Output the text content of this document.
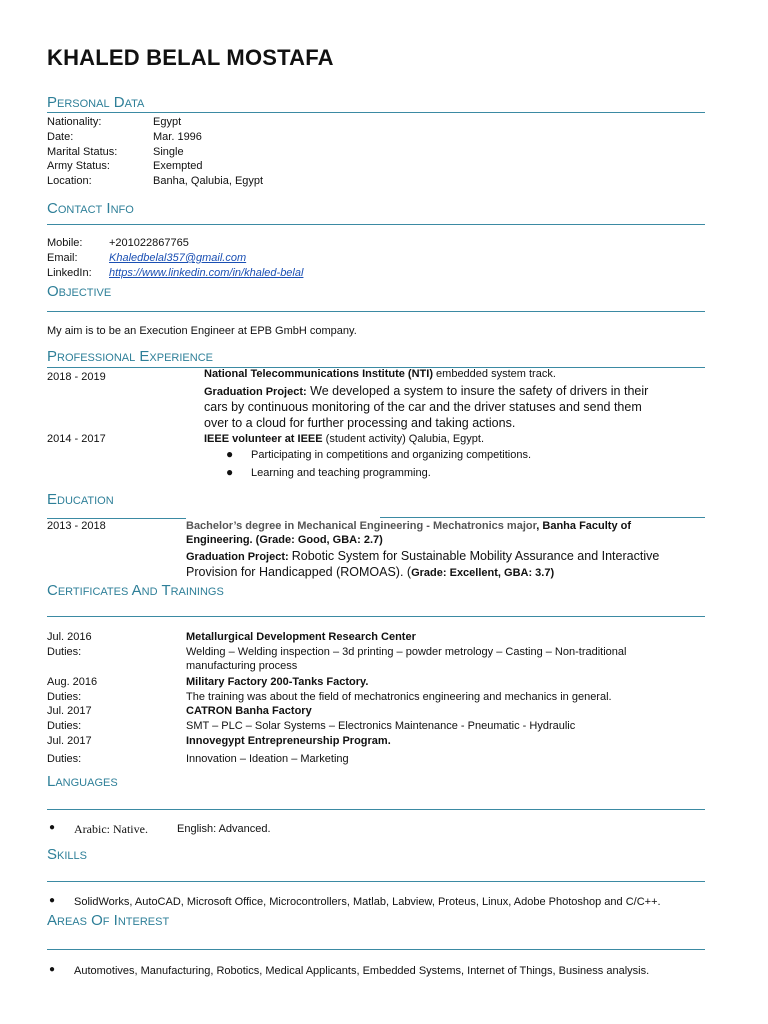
KHALED BELAL MOSTAFA
Personal Data
Nationality:	Egypt
Date:	Mar. 1996
Marital Status:	Single
Army Status:	Exempted
Location:	Banha, Qalubia, Egypt
Contact Info
Mobile: +201022867765
Email:	Khaledbelal357@gmail.com
LinkedIn: https://www.linkedin.com/in/khaled-belal
Objective
My aim is to be an Execution Engineer at EPB GmbH company.
Professional Experience
2018 - 2019	National Telecommunications Institute (NTI) embedded system track.
Graduation Project: We developed a system to insure the safety of drivers in their
cars by continuous monitoring of the car and the driver statuses and send them
over to a cloud for further processing and taking actions.
2014 - 2017	IEEE volunteer at IEEE (student activity) Qalubia, Egypt.
● Participating in competitions and organizing competitions.
● Learning and teaching programming.
Education
2013 - 2018	Bachelor’s degree in Mechanical Engineering - Mechatronics major, Banha Faculty of
Engineering. (Grade: Good, GBA: 2.7)
Graduation Project: Robotic System for Sustainable Mobility Assurance and Interactive
Provision for Handicapped (ROMOAS). (Grade: Excellent, GBA: 3.7)
Certificates And Trainings
Jul. 2016	Metallurgical Development Research Center
Duties:	Welding – Welding inspection – 3d printing – powder metrology – Casting – Non-traditional
manufacturing process
Aug. 2016	Military Factory 200-Tanks Factory.
Duties:	The training was about the field of mechatronics engineering and mechanics in general.
Jul. 2017	CATRON Banha Factory
Duties:	SMT – PLC – Solar Systems – Electronics Maintenance - Pneumatic - Hydraulic
Jul. 2017	Innovegypt Entrepreneurship Program.
Duties:	Innovation – Ideation – Marketing
Languages
● Arabic: Native.	English: Advanced.
Skills
● SolidWorks, AutoCAD, Microsoft Office, Microcontrollers, Matlab, Labview, Proteus, Linux, Adobe Photoshop and C/C++.
Areas Of Interest
● Automotives, Manufacturing, Robotics, Medical Applicants, Embedded Systems, Internet of Things, Business analysis.
